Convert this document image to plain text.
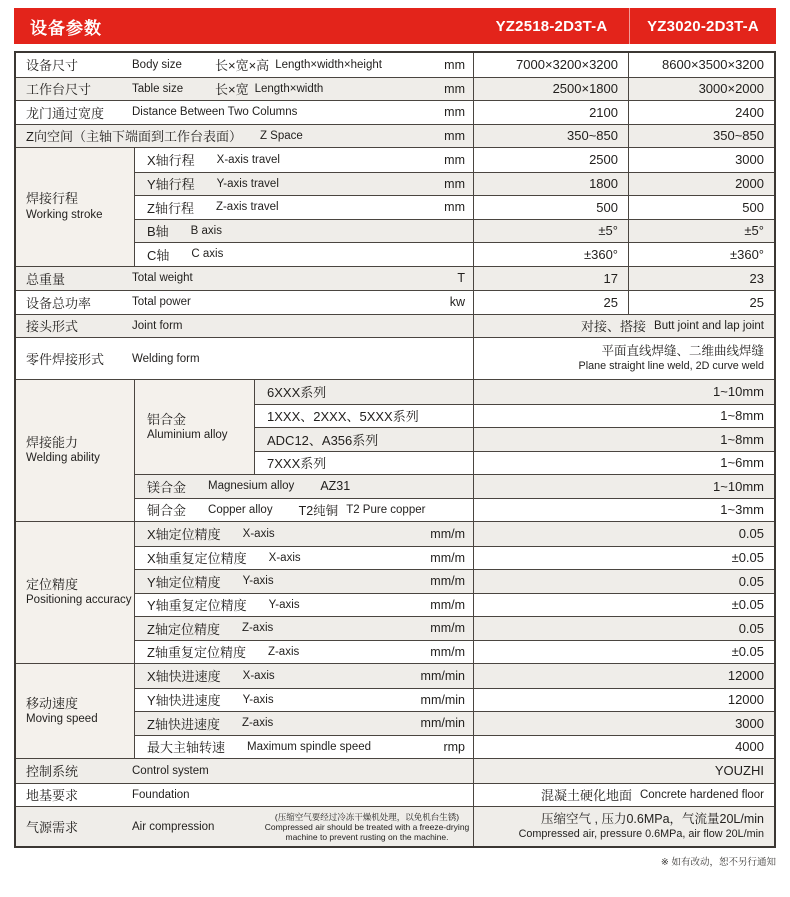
设备参数	YZ2518-2D3T-A	YZ3020-2D3T-A
设备尺寸	Body size	长×宽×高 Length×width×height	mm	7000×3200×3200	8600×3500×3200
工作台尺寸	Table size	长×宽 Length×width	mm	2500×1800	3000×2000
龙门通过宽度	Distance Between Two Columns	mm	2100	2400
Z向空间（主轴下端面到工作台表面） Z Space	mm	350~850	350~850
焊接行程
Working stroke
X轴行程 X-axis travel	mm	2500	3000
Y轴行程 Y-axis travel	mm	1800	2000
Z轴行程 Z-axis travel	mm	500	500
B轴 B axis	±5°	±5°
C轴 C axis	±360°	±360°
总重量	Total weight	T	17	23
设备总功率	Total power	kw	25	25
接头形式	Joint form	对接、搭接 Butt joint and lap joint
零件焊接形式	Welding form
平面直线焊缝、二维曲线焊缝
Plane straight line weld, 2D curve weld
焊接能力
Welding ability
铝合金
Aluminium alloy
6XXX系列	1~10mm
1XXX、2XXX、5XXX系列	1~8mm
ADC12、A356系列	1~8mm
7XXX系列	1~6mm
镁合金 Magnesium alloy AZ31	1~10mm
铜合金 Copper alloy T2纯铜 T2 Pure copper	1~3mm
定位精度
Positioning accuracy
X轴定位精度 X-axis	mm/m	0.05
X轴重复定位精度 X-axis	mm/m	±0.05
Y轴定位精度 Y-axis	mm/m	0.05
Y轴重复定位精度 Y-axis	mm/m	±0.05
Z轴定位精度 Z-axis	mm/m	0.05
Z轴重复定位精度 Z-axis	mm/m	±0.05
移动速度
Moving speed
X轴快进速度 X-axis	mm/min	12000
Y轴快进速度 Y-axis	mm/min	12000
Z轴快进速度 Z-axis	mm/min	3000
最大主轴转速 Maximum spindle speed	rmp	4000
控制系统	Control system	YOUZHI
地基要求	Foundation	混凝土硬化地面 Concrete hardened floor
气源需求	Air compression
(压缩空气要经过冷冻干燥机处理，以免机台生锈)
Compressed air should be treated with a freeze-drying machine to prevent rusting on the machine.
压缩空气 , 压力0.6MPa，气流量20L/min
Compressed air, pressure 0.6MPa, air flow 20L/min
※ 如有改动，恕不另行通知
